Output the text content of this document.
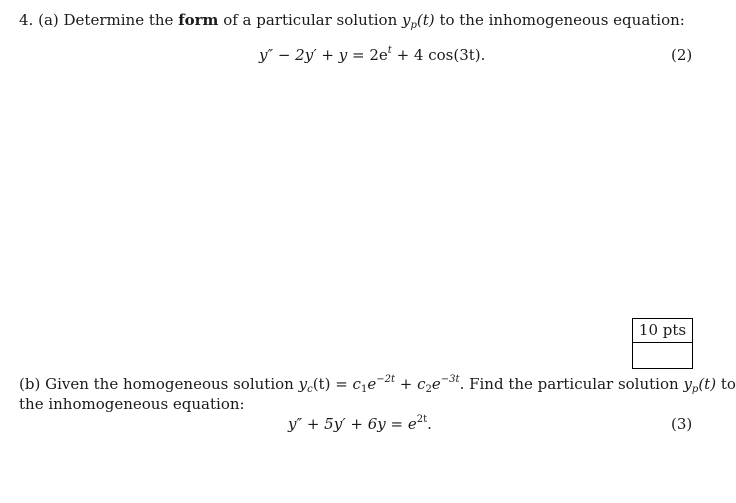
4. (a) Determine the form of a particular solution $y_p(t)$ to the inhomogeneous equation:
$y'' - 2y' + y = 2e^t + 4$ cos(3t).	(2)
10 pts
(b) Given the homogeneous solution $y_c(t) = c_1e^{-2t} + c_2e^{-3t}$. Find the particular solution $y_p(t)$ to
the inhomogeneous equation:
$y'' + 5y' + 6y = e^{2t}$.	(3)
